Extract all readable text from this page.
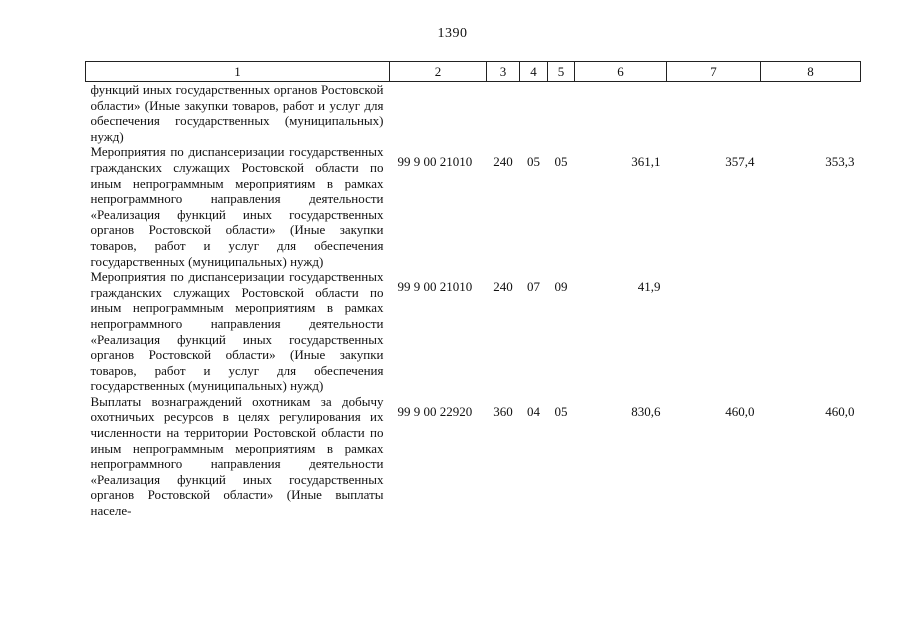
1390
1	2	3	4	5	6	7	8
функций иных государственных органов Ростовской области» (Иные закупки товаров, работ и услуг для обеспечения государственных (муниципальных) нужд)							
Мероприятия по диспансеризации государственных гражданских служащих Ростовской области по иным непрограммным мероприятиям в рамках непрограммного направления деятельности «Реализация функций иных государственных органов Ростовской области» (Иные закупки товаров, работ и услуг для обеспечения государственных (муниципальных) нужд)	99 9 00 21010	240	05	05	361,1	357,4	353,3
Мероприятия по диспансеризации государственных гражданских служащих Ростовской области по иным непрограммным мероприятиям в рамках непрограммного направления деятельности «Реализация функций иных государственных органов Ростовской области» (Иные закупки товаров, работ и услуг для обеспечения государственных (муниципальных) нужд)	99 9 00 21010	240	07	09	41,9		
Выплаты вознаграждений охотникам за добычу охотничьих ресурсов в целях регулирования их численности на территории Ростовской области по иным непрограммным мероприятиям в рамках непрограммного направления деятельности «Реализация функций иных государственных органов Ростовской области» (Иные выплаты населе-	99 9 00 22920	360	04	05	830,6	460,0	460,0
